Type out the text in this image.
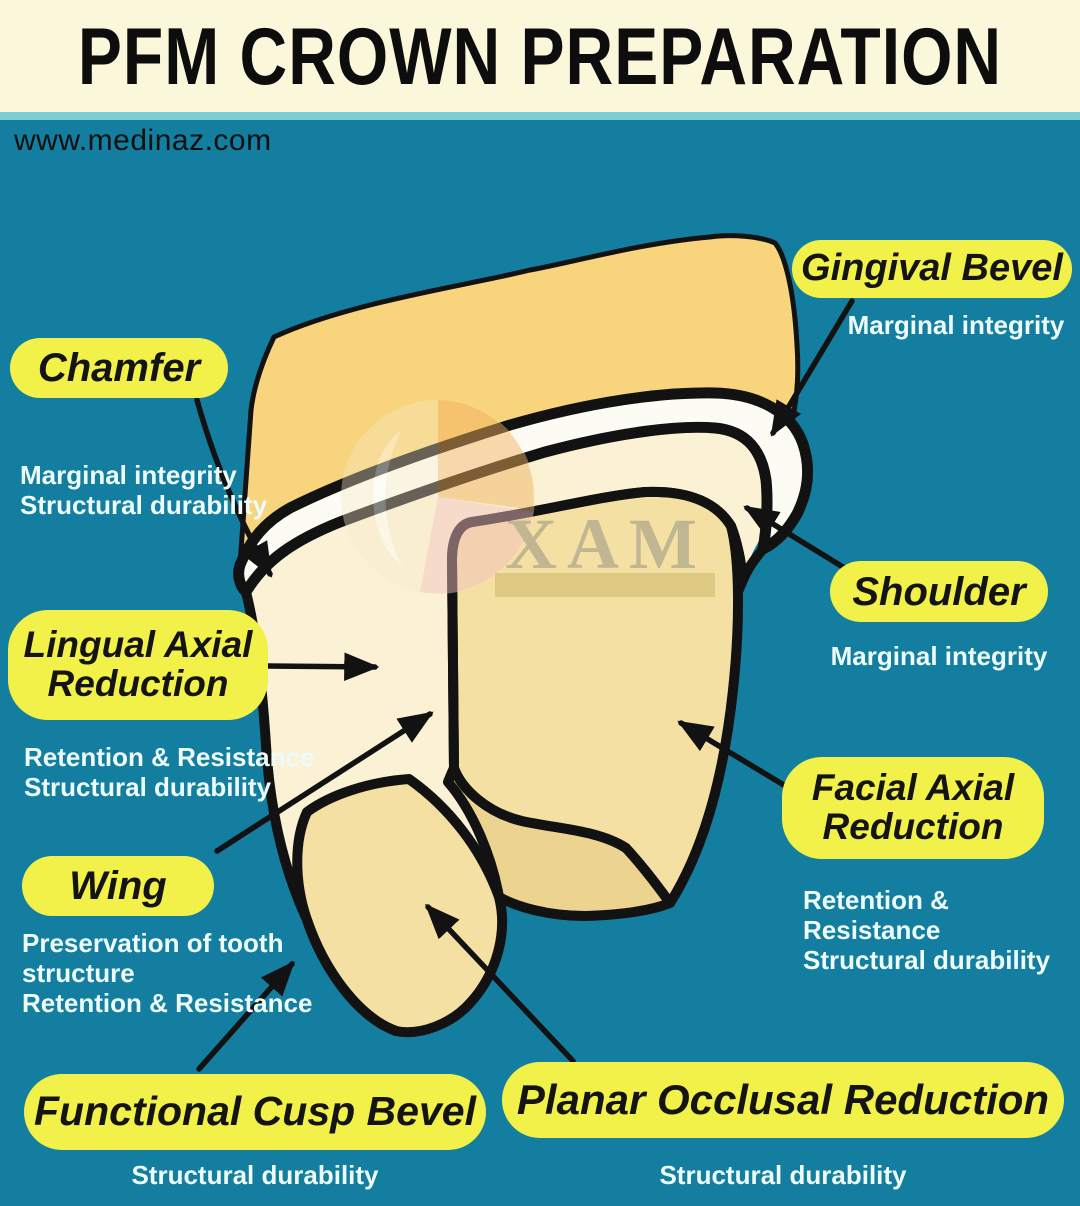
PFM CROWN PREPARATION
www.medinaz.com
XAM
Chamfer
Marginal integrity
Structural durability
Gingival Bevel
Marginal integrity
Shoulder
Marginal integrity
Lingual Axial
Reduction
Retention & Resistance
Structural durability	Facial Axial
Reduction
Retention & Resistance
Structural durability
Wing
Preservation of tooth
structure
Retention & Resistance
Functional Cusp Bevel
Structural durability
Planar Occlusal Reduction
Structural durability
